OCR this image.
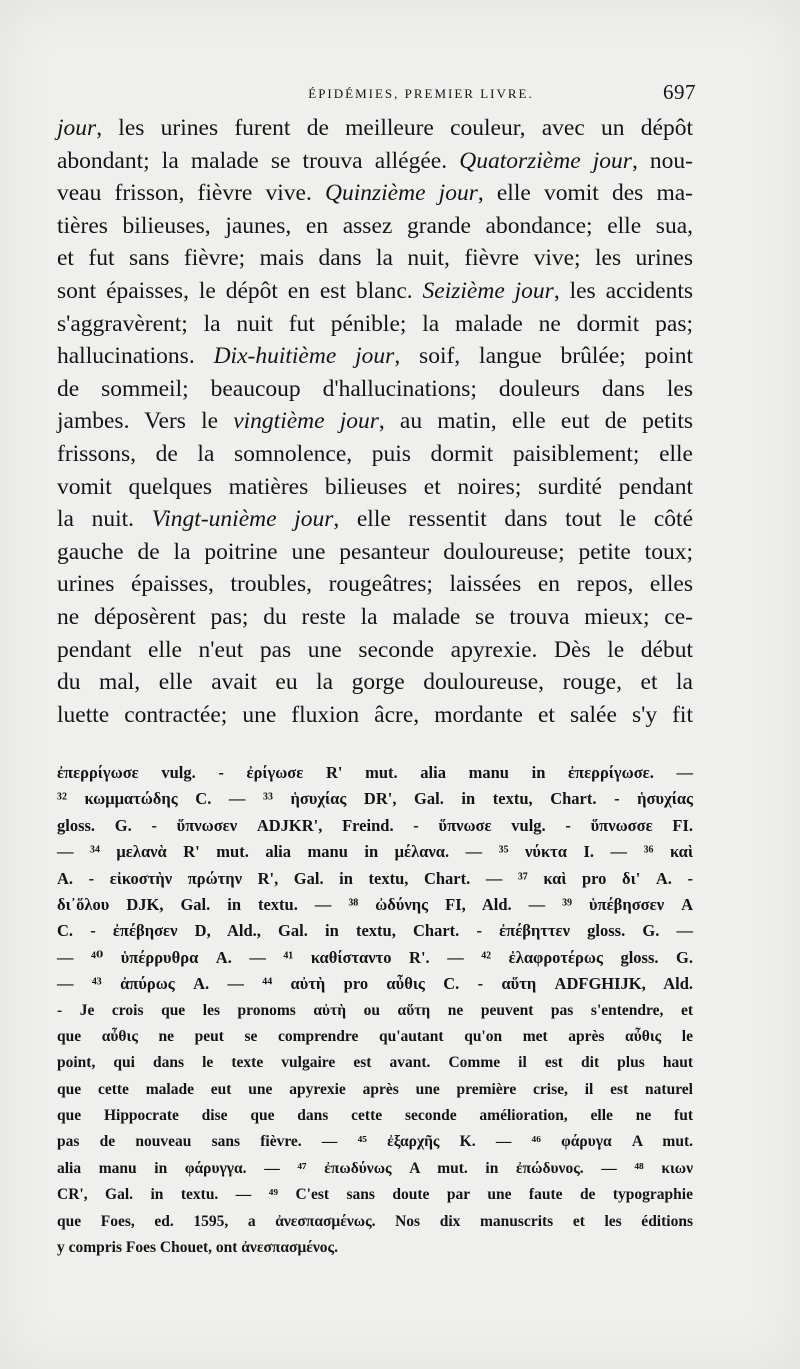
ÉPIDÉMIES, PREMIER LIVRE.	697
jour, les urines furent de meilleure couleur, avec un dépôt
abondant; la malade se trouva allégée. Quatorzième jour, nou-
veau frisson, fièvre vive. Quinzième jour, elle vomit des ma-
tières bilieuses, jaunes, en assez grande abondance; elle sua,
et fut sans fièvre; mais dans la nuit, fièvre vive; les urines
sont épaisses, le dépôt en est blanc. Seizième jour, les accidents
s'aggravèrent; la nuit fut pénible; la malade ne dormit pas;
hallucinations. Dix-huitième jour, soif, langue brûlée; point
de sommeil; beaucoup d'hallucinations; douleurs dans les
jambes. Vers le vingtième jour, au matin, elle eut de petits
frissons, de la somnolence, puis dormit paisiblement; elle
vomit quelques matières bilieuses et noires; surdité pendant
la nuit. Vingt-unième jour, elle ressentit dans tout le côté
gauche de la poitrine une pesanteur douloureuse; petite toux;
urines épaisses, troubles, rougeâtres; laissées en repos, elles
ne déposèrent pas; du reste la malade se trouva mieux; ce-
pendant elle n'eut pas une seconde apyrexie. Dès le début
du mal, elle avait eu la gorge douloureuse, rouge, et la
luette contractée; une fluxion âcre, mordante et salée s'y fit
ἐπερρίγωσε vulg. - ἐρίγωσε R' mut. alia manu in ἐπερρίγωσε. —
³² κωμματώδης C. — ³³ ἡσυχίας DR', Gal. in textu, Chart. - ἡσυχίας
gloss. G. - ὕπνωσεν ADJKR', Freind. - ὕπνωσε vulg. - ὕπνωσσε FI.
— ³⁴ μελανὰ R' mut. alia manu in μέλανα. — ³⁵ νύκτα I. — ³⁶ καὶ
A. - εἰκοστὴν πρώτην R', Gal. in textu, Chart. — ³⁷ καὶ pro δι' A. -
δι᾽ὅλου DJK, Gal. in textu. — ³⁸ ὠδύνης FI, Ald. — ³⁹ ὑπέβησσεν A
C. - ἐπέβησεν D, Ald., Gal. in textu, Chart. - ἐπέβηττεν gloss. G. —
— ⁴⁰ ὑπέρρυθρα A. — ⁴¹ καθίσταντο R'. — ⁴² ἐλαφροτέρως gloss. G.
— ⁴³ ἀπύρως A. — ⁴⁴ αὐτὴ pro αὖθις C. - αὕτη ADFGHIJK, Ald.
- Je crois que les pronoms αὐτὴ ou αὕτη ne peuvent pas s'entendre, et
que αὖθις ne peut se comprendre qu'autant qu'on met après αὖθις le
point, qui dans le texte vulgaire est avant. Comme il est dit plus haut
que cette malade eut une apyrexie après une première crise, il est naturel
que Hippocrate dise que dans cette seconde amélioration, elle ne fut
pas de nouveau sans fièvre. — ⁴⁵ ἐξαρχῆς K. — ⁴⁶ φάρυγα A mut.
alia manu in φάρυγγα. — ⁴⁷ ἐπωδύνως A mut. in ἐπώδυνος. — ⁴⁸ κιων
CR', Gal. in textu. — ⁴⁹ C'est sans doute par une faute de typographie
que Foes, ed. 1595, a ἀνεσπασμένως. Nos dix manuscrits et les éditions
y compris Foes Chouet, ont ἀνεσπασμένος.
